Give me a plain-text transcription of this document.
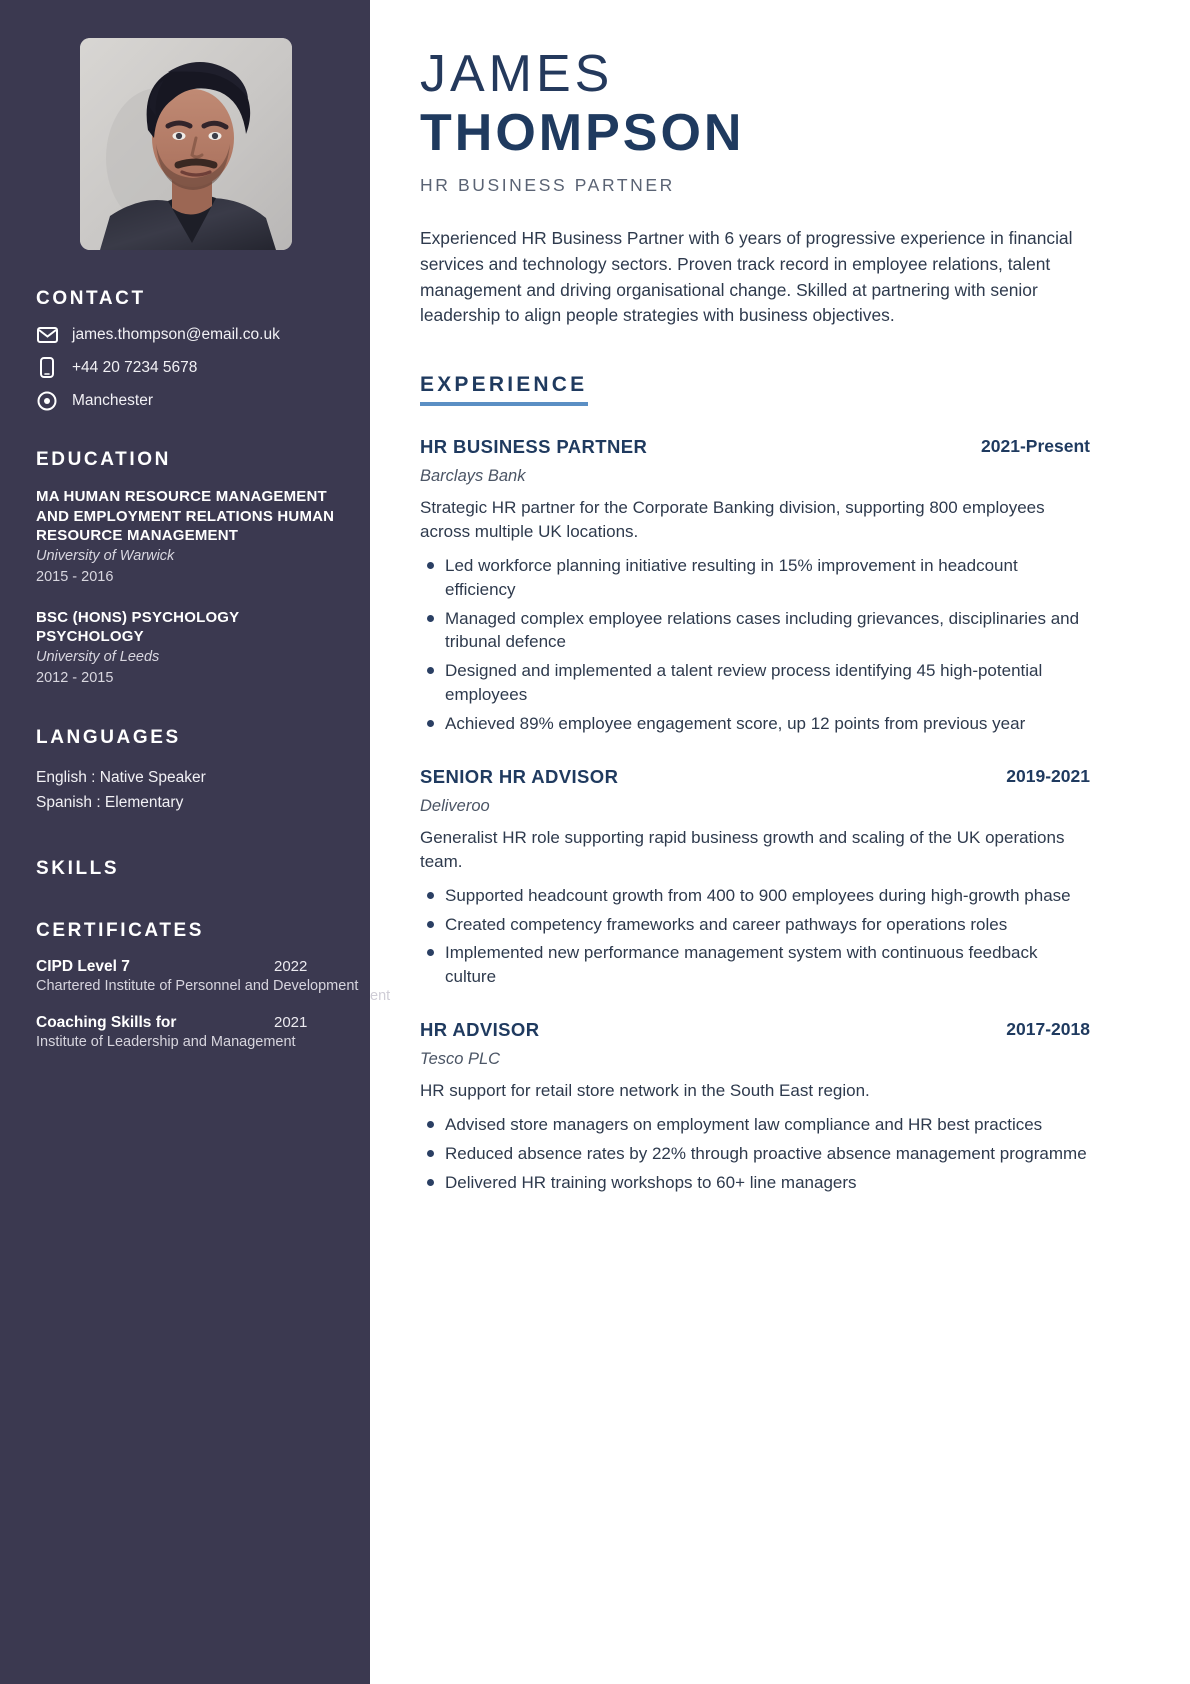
CONTACT
james.thompson@email.co.uk
+44 20 7234 5678
Manchester
EDUCATION
MA HUMAN RESOURCE MANAGEMENT AND EMPLOYMENT RELATIONS HUMAN RESOURCE MANAGEMENT
University of Warwick
2015 - 2016
BSC (HONS) PSYCHOLOGY PSYCHOLOGY
University of Leeds
2012 - 2015
LANGUAGES
English : Native Speaker
Spanish : Elementary
SKILLS
CERTIFICATES
CIPD Level 7	2022
Chartered Institute of Personnel and Development
Coaching Skills for	2021
Institute of Leadership and Management
ent
JAMES
THOMPSON
HR BUSINESS PARTNER

Experienced HR Business Partner with 6 years of progressive experience in financial services and technology sectors. Proven track record in employee relations, talent management and driving organisational change. Skilled at partnering with senior leadership to align people strategies with business objectives.

EXPERIENCE
HR BUSINESS PARTNER	2021-Present
Barclays Bank
Strategic HR partner for the Corporate Banking division, supporting 800 employees across multiple UK locations.
Led workforce planning initiative resulting in 15% improvement in headcount efficiency
Managed complex employee relations cases including grievances, disciplinaries and tribunal defence
Designed and implemented a talent review process identifying 45 high-potential employees
Achieved 89% employee engagement score, up 12 points from previous year
SENIOR HR ADVISOR	2019-2021
Deliveroo
Generalist HR role supporting rapid business growth and scaling of the UK operations team.
Supported headcount growth from 400 to 900 employees during high-growth phase
Created competency frameworks and career pathways for operations roles
Implemented new performance management system with continuous feedback culture
HR ADVISOR	2017-2018
Tesco PLC
HR support for retail store network in the South East region.
Advised store managers on employment law compliance and HR best practices
Reduced absence rates by 22% through proactive absence management programme
Delivered HR training workshops to 60+ line managers
